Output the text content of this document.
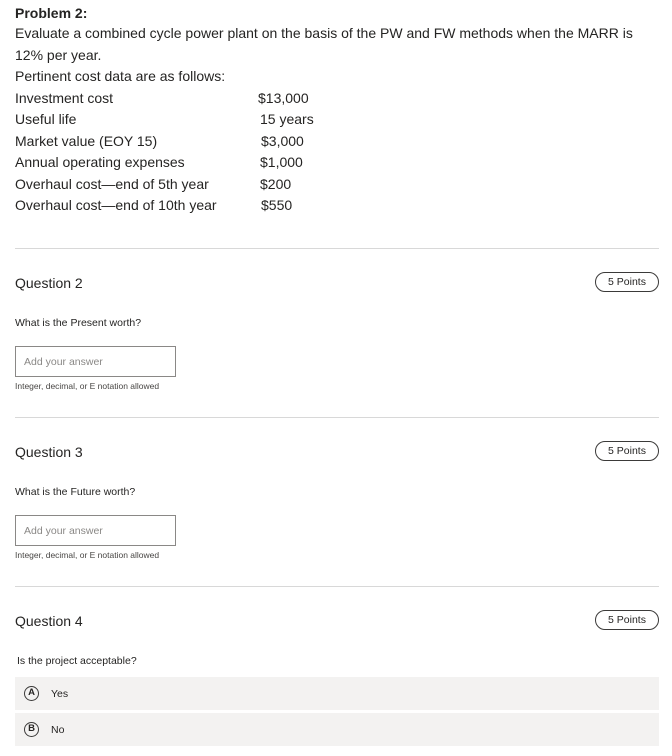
Problem 2:
Evaluate a combined cycle power plant on the basis of the PW and FW methods when the MARR is
12% per year.
Pertinent cost data are as follows:
Investment cost	$13,000
Useful life	15 years
Market value (EOY 15)	$3,000
Annual operating expenses	$1,000
Overhaul cost—end of 5th year	$200
Overhaul cost—end of 10th year	$550
Question 2	5 Points
What is the Present worth?
Add your answer
Integer, decimal, or E notation allowed
Question 3	5 Points
What is the Future worth?
Add your answer
Integer, decimal, or E notation allowed
Question 4	5 Points
Is the project acceptable?
A	Yes
B	No
